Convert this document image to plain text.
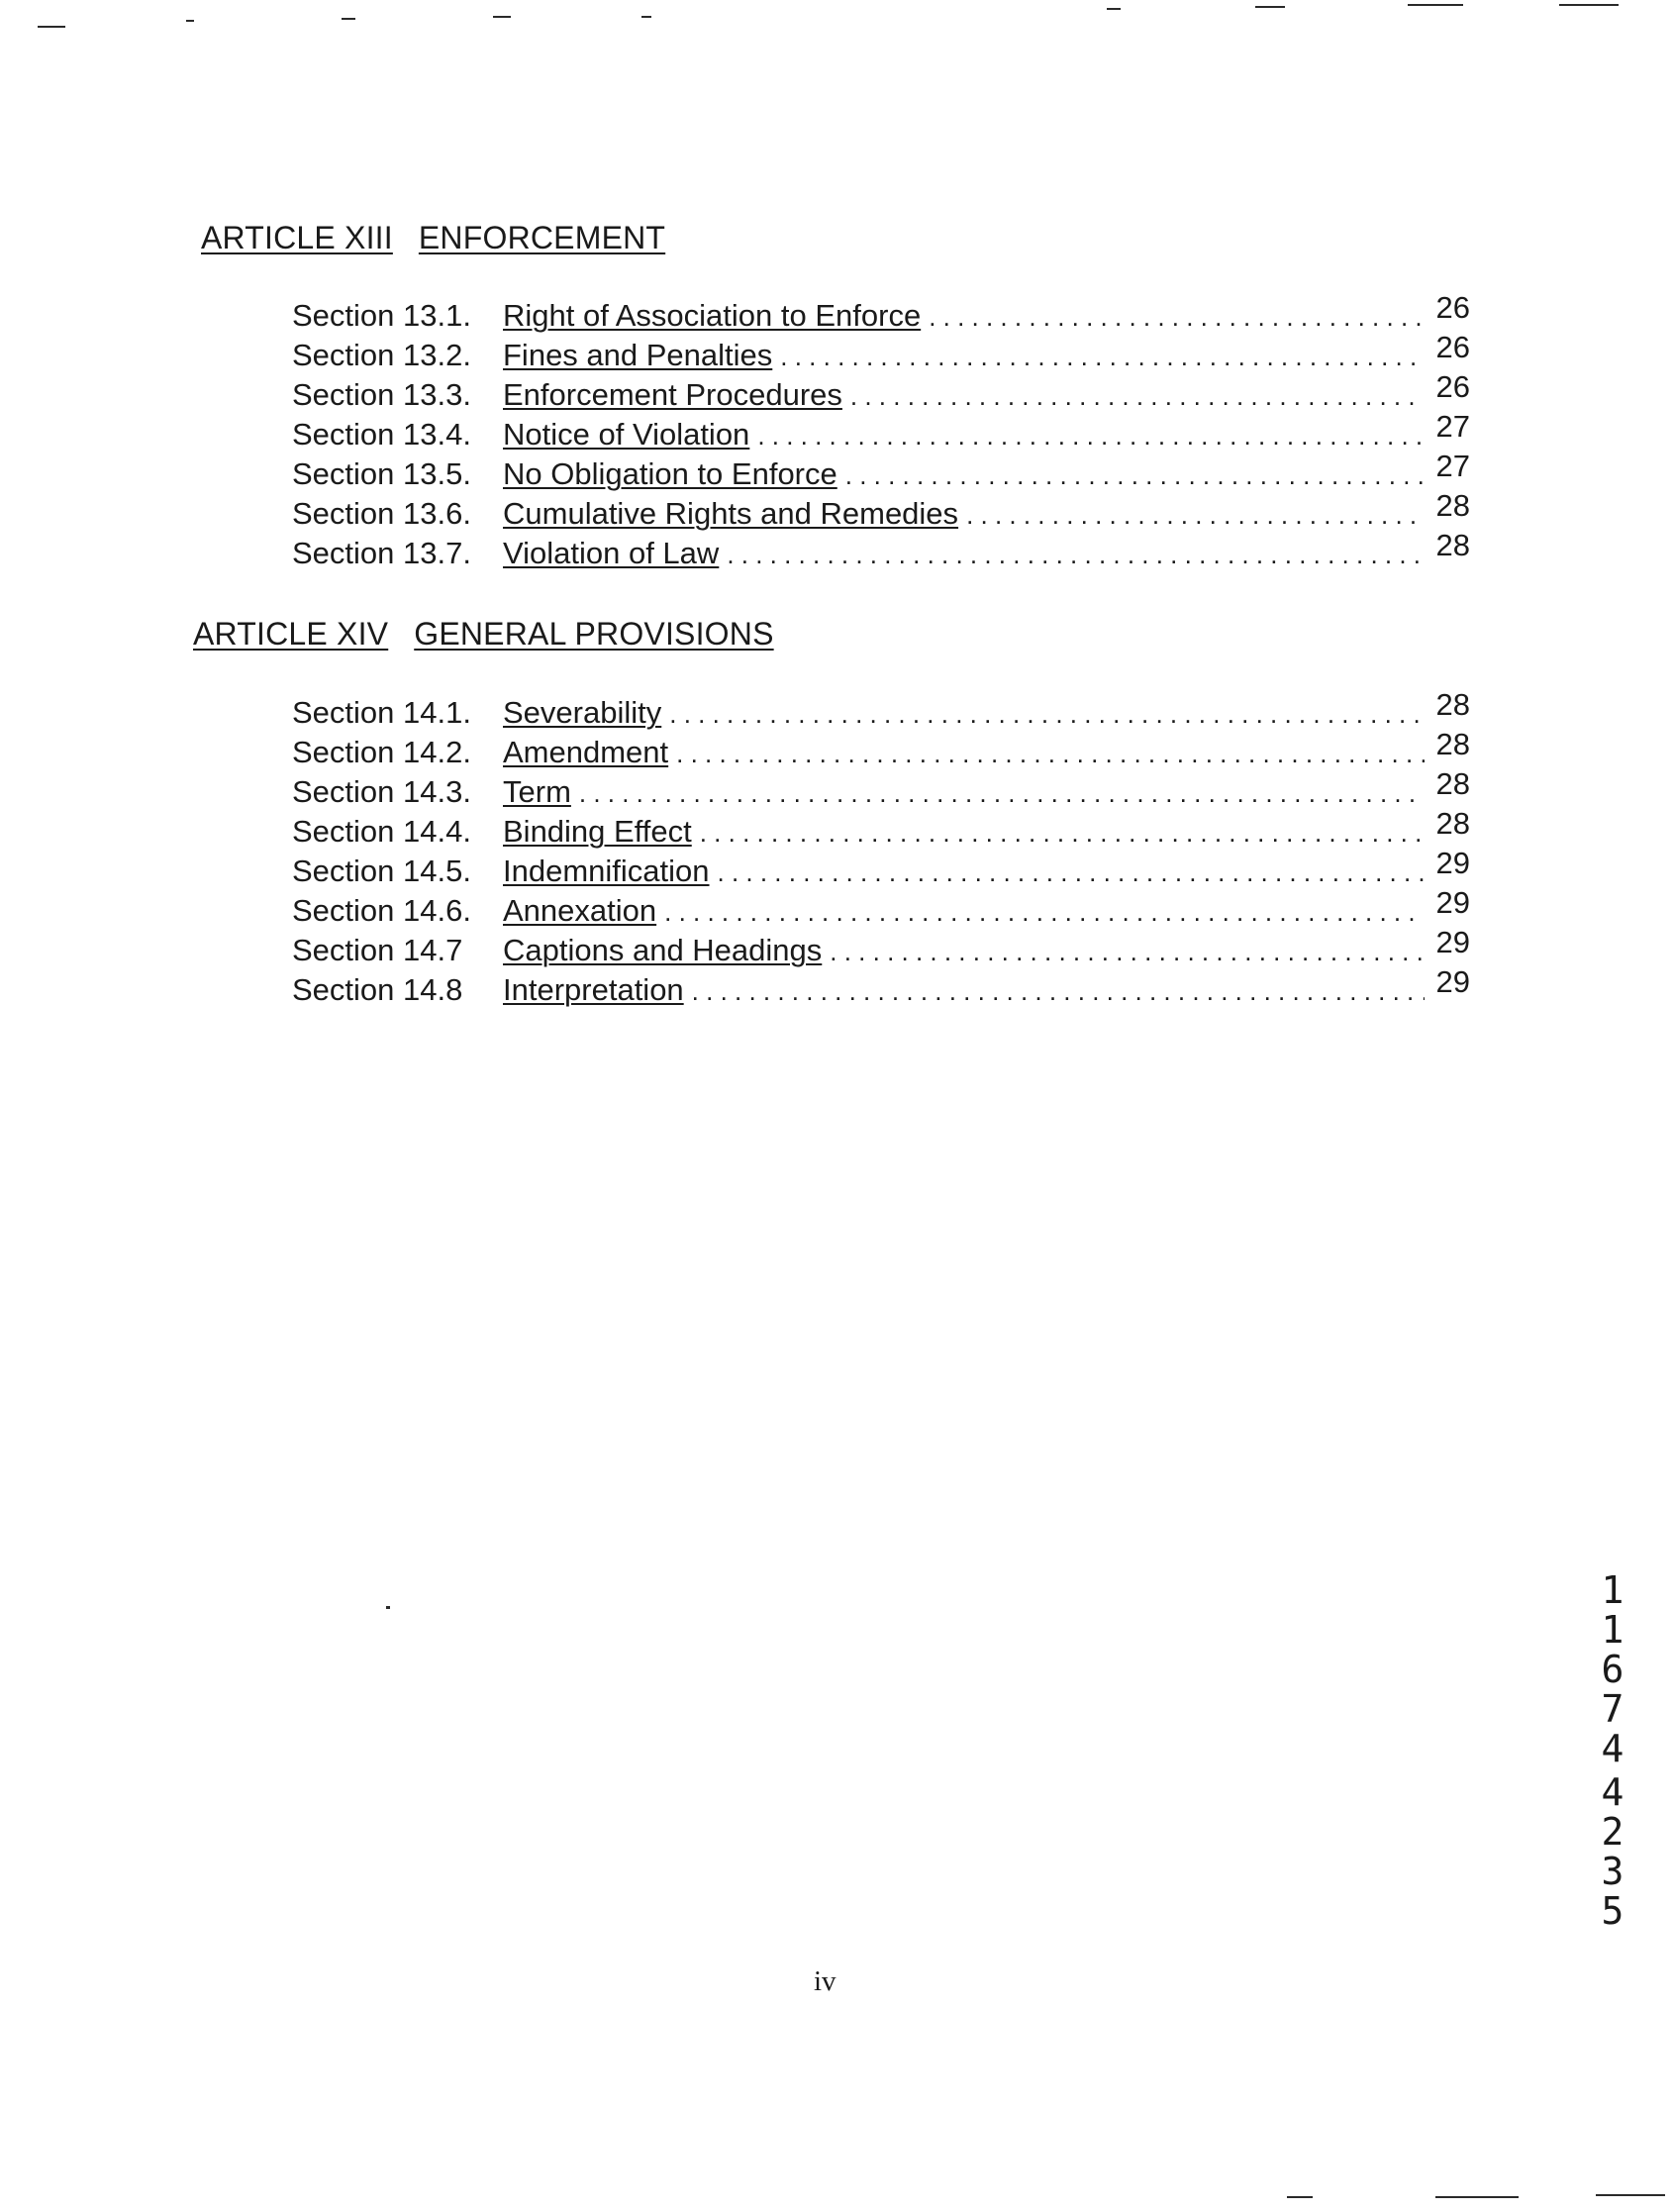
ARTICLE XIII ENFORCEMENT
Section 13.1.	Right of Association to Enforce . . .	26
Section 13.2.	Fines and Penalties . . .	26
Section 13.3.	Enforcement Procedures . . .	26
Section 13.4.	Notice of Violation . . .	27
Section 13.5.	No Obligation to Enforce . . .	27
Section 13.6.	Cumulative Rights and Remedies . . .	28
Section 13.7.	Violation of Law . . .	28
ARTICLE XIV GENERAL PROVISIONS
Section 14.1.	Severability . . .	28
Section 14.2.	Amendment . . .	28
Section 14.3.	Term . . .	28
Section 14.4.	Binding Effect . . .	28
Section 14.5.	Indemnification . . .	29
Section 14.6.	Annexation . . .	29
Section 14.7	Captions and Headings . . .	29
Section 14.8	Interpretation . . .	29
1
1
6
7
4
4
2
3
5
iv
